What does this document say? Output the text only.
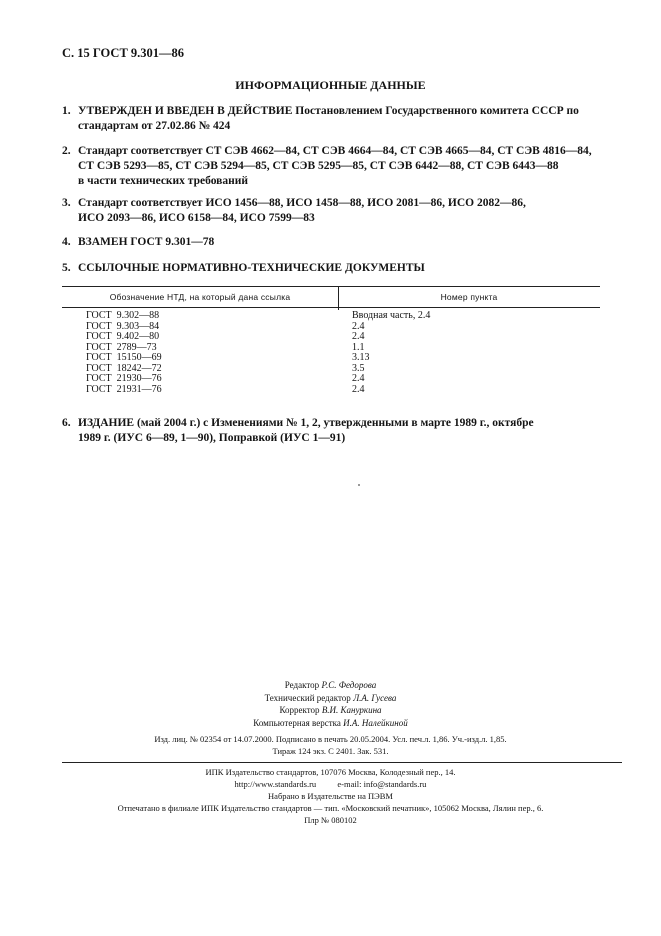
С. 15 ГОСТ 9.301—86
ИНФОРМАЦИОННЫЕ ДАННЫЕ
1. УТВЕРЖДЕН И ВВЕДЕН В ДЕЙСТВИЕ Постановлением Государственного комитета СССР по
стандартам от 27.02.86 № 424
2. Стандарт соответствует СТ СЭВ 4662—84, СТ СЭВ 4664—84, СТ СЭВ 4665—84, СТ СЭВ 4816—84,
СТ СЭВ 5293—85, СТ СЭВ 5294—85, СТ СЭВ 5295—85, СТ СЭВ 6442—88, СТ СЭВ 6443—88
в части технических требований
3. Стандарт соответствует ИСО 1456—88, ИСО 1458—88, ИСО 2081—86, ИСО 2082—86,
ИСО 2093—86, ИСО 6158—84, ИСО 7599—83
4. ВЗАМЕН ГОСТ 9.301—78
5. ССЫЛОЧНЫЕ НОРМАТИВНО-ТЕХНИЧЕСКИЕ ДОКУМЕНТЫ
Обозначение НТД, на который дана ссылка	Номер пункта
ГОСТ  9.302—88	Вводная часть, 2.4
ГОСТ  9.303—84	2.4
ГОСТ  9.402—80	2.4
ГОСТ  2789—73	1.1
ГОСТ  15150—69	3.13
ГОСТ  18242—72	3.5
ГОСТ  21930—76	2.4
ГОСТ  21931—76	2.4
6. ИЗДАНИЕ (май 2004 г.) с Изменениями № 1, 2, утвержденными в марте 1989 г., октябре
1989 г. (ИУС 6—89, 1—90), Поправкой (ИУС 1—91)
Редактор Р.С. Федорова
Технический редактор Л.А. Гусева
Корректор В.И. Кануркина
Компьютерная верстка И.А. Налейкиной
Изд. лиц. № 02354 от 14.07.2000. Подписано в печать 20.05.2004. Усл. печ.л. 1,86. Уч.-изд.л. 1,85.
Тираж 124 экз. С 2401. Зак. 531.
ИПК Издательство стандартов, 107076 Москва, Колодезный пер., 14.
http://www.standards.ru          e-mail: info@standards.ru
Набрано в Издательстве на ПЭВМ
Отпечатано в филиале ИПК Издательство стандартов — тип. «Московский печатник», 105062 Москва, Лялин пер., 6.
Плр № 080102
